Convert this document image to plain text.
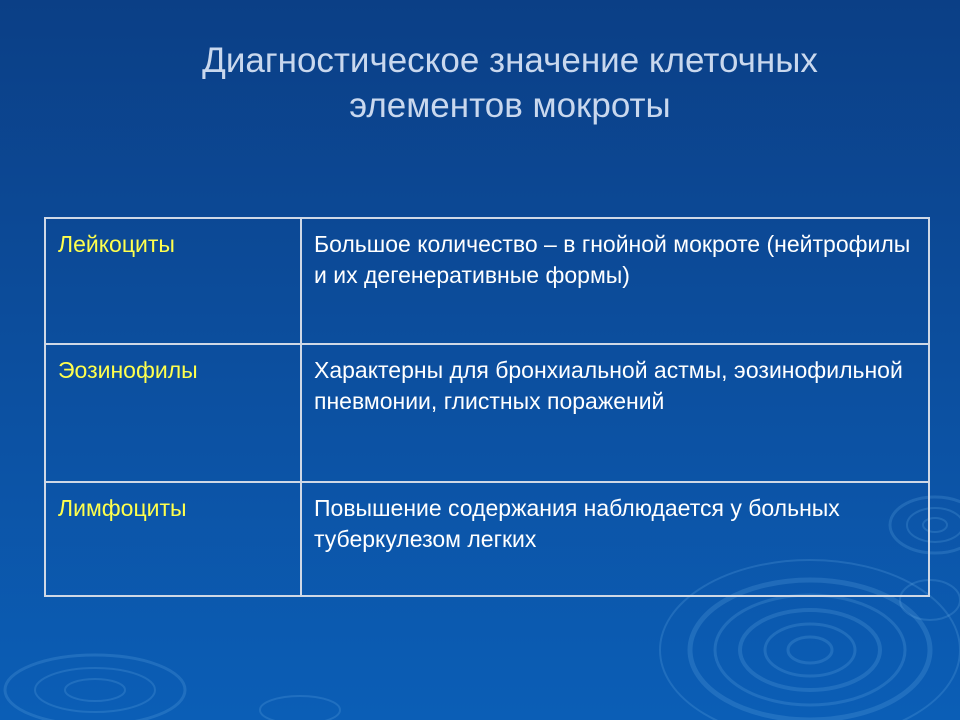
Диагностическое значение клеточных
элементов мокроты
Лейкоциты	Большое количество – в гнойной мокроте (нейтрофилы и их дегенеративные формы)
Эозинофилы	Характерны для бронхиальной астмы, эозинофильной пневмонии, глистных поражений
Лимфоциты	Повышение содержания наблюдается у больных туберкулезом легких
